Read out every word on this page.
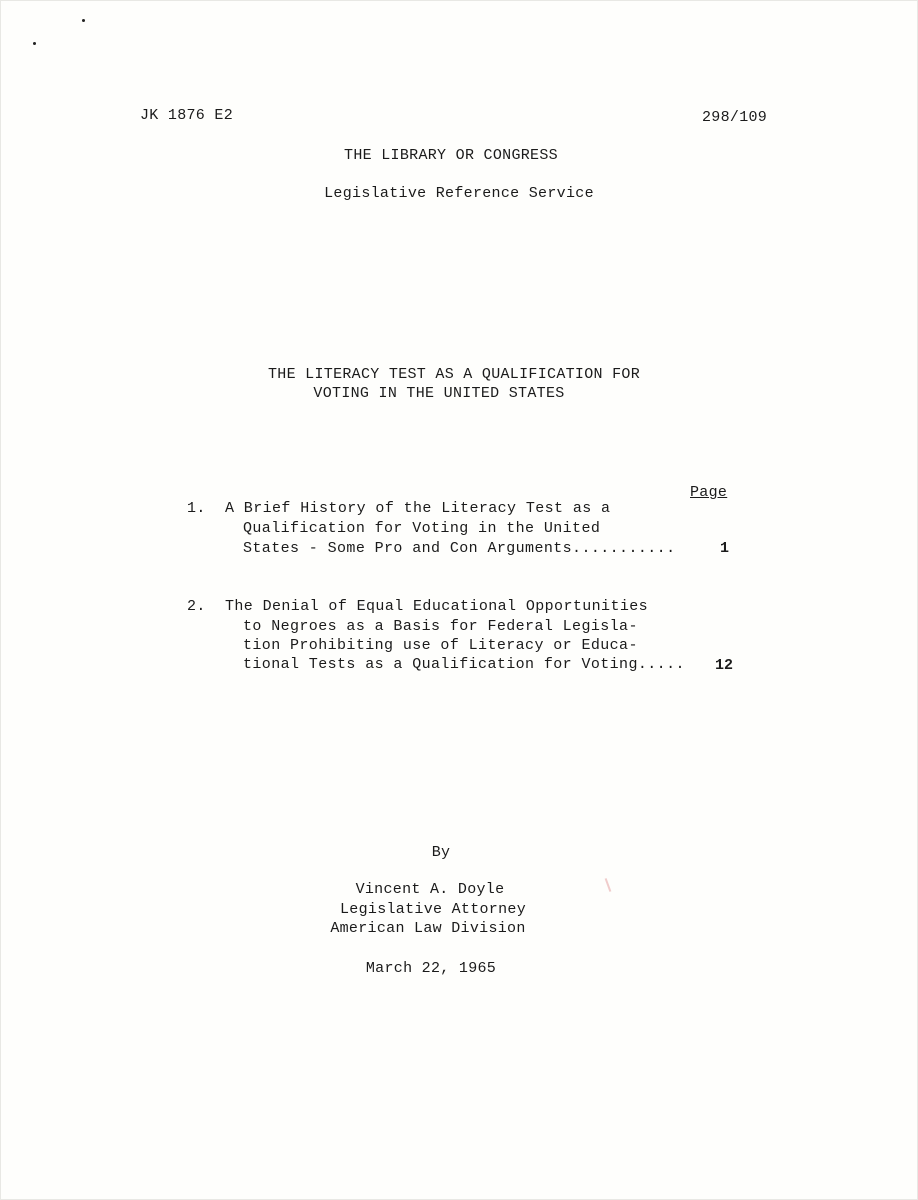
JK 1876 E2	298/109
THE LIBRARY OR CONGRESS
Legislative Reference Service
THE LITERACY TEST AS A QUALIFICATION FOR
VOTING IN THE UNITED STATES
Page
1. A Brief History of the Literacy Test as a
Qualification for Voting in the United
States - Some Pro and Con Arguments...........	1
2. The Denial of Equal Educational Opportunities
to Negroes as a Basis for Federal Legisla-
tion Prohibiting use of Literacy or Educa-
tional Tests as a Qualification for Voting..... 12
By
Vincent A. Doyle
Legislative Attorney
American Law Division
March 22, 1965
